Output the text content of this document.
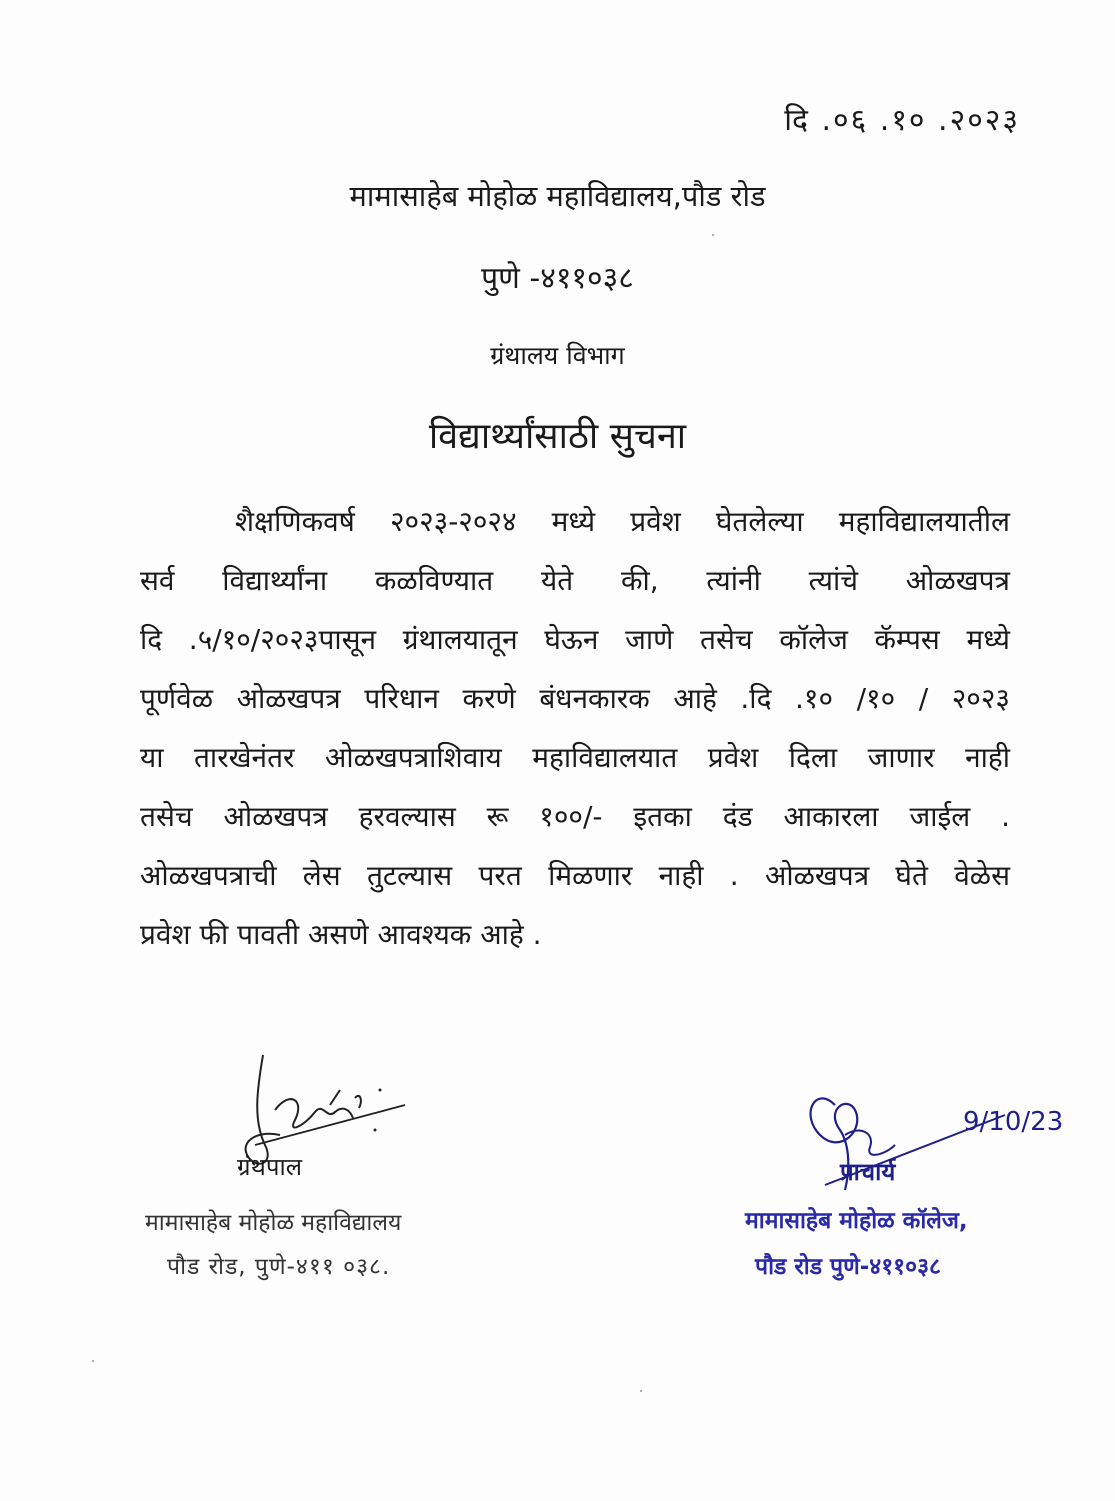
दि .०६ .१० .२०२३
मामासाहेब मोहोळ महाविद्यालय,पौड रोड
पुणे -४११०३८
ग्रंथालय विभाग
विद्यार्थ्यांसाठी सुचना
शैक्षणिकवर्ष २०२३-२०२४ मध्ये प्रवेश घेतलेल्या महाविद्यालयातील
सर्व विद्यार्थ्यांना कळविण्यात येते की, त्यांनी त्यांचे ओळखपत्र
दि .५/१०/२०२३पासून ग्रंथालयातून घेऊन जाणे तसेच कॉलेज कॅम्पस मध्ये
पूर्णवेळ ओळखपत्र परिधान करणे बंधनकारक आहे .दि .१० /१० / २०२३
या तारखेनंतर ओळखपत्राशिवाय महाविद्यालयात प्रवेश दिला जाणार नाही
तसेच ओळखपत्र हरवल्यास रू १००/- इतका दंड आकारला जाईल .
ओळखपत्राची लेस तुटल्यास परत मिळणार नाही . ओळखपत्र घेते वेळेस
प्रवेश फी पावती असणे आवश्यक आहे .
ग्रंथपाल
मामासाहेब मोहोळ महाविद्यालय
पौड रोड, पुणे-४११ ०३८.
9/10/23
प्राचार्य
मामासाहेब मोहोळ कॉलेज,
पौड रोड पुणे-४११०३८
